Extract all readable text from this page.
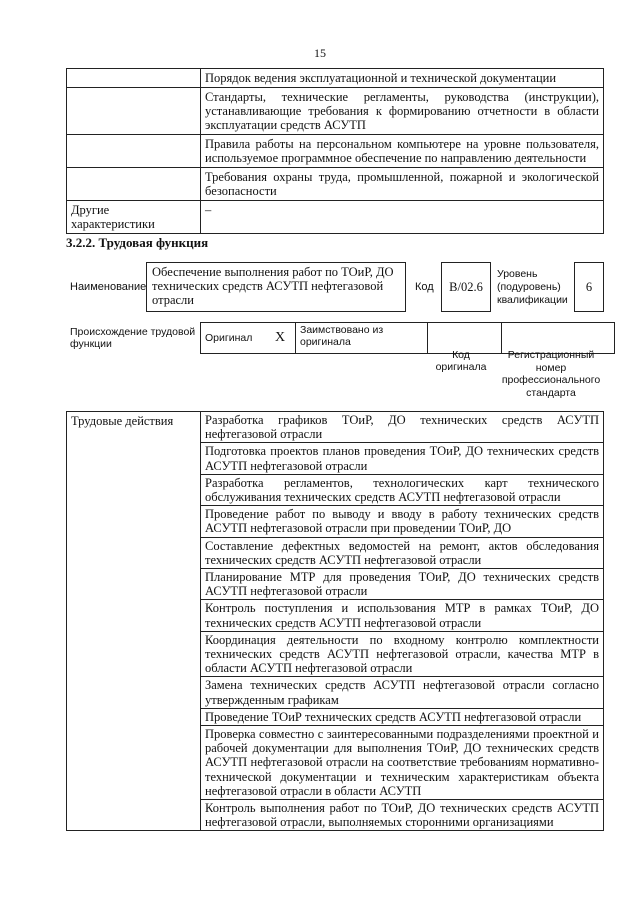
15
	Порядок ведения эксплуатационной и технической документации
	Стандарты, технические регламенты, руководства (инструкции), устанавливающие требования к формированию отчетности в области эксплуатации средств АСУТП
	Правила работы на персональном компьютере на уровне пользователя, используемое программное обеспечение по направлению деятельности
	Требования охраны труда, промышленной, пожарной и экологической безопасности
Другие характеристики	–
3.2.2. Трудовая функция
Наименование
Обеспечение выполнения работ по ТОиР, ДО технических средств АСУТП нефтегазовой отрасли
Код	B/02.6
Уровень (подуровень) квалификации
6
Происхождение трудовой функции	Оригинал	X	Заимствовано из оригинала		
Код оригинала
Регистрационный номер профессионального стандарта
Трудовые действия	Разработка графиков ТОиР, ДО технических средств АСУТП нефтегазовой отрасли
Подготовка проектов планов проведения ТОиР, ДО технических средств АСУТП нефтегазовой отрасли
Разработка регламентов, технологических карт технического обслуживания технических средств АСУТП нефтегазовой отрасли
Проведение работ по выводу и вводу в работу технических средств АСУТП нефтегазовой отрасли при проведении ТОиР, ДО
Составление дефектных ведомостей на ремонт, актов обследования технических средств АСУТП нефтегазовой отрасли
Планирование МТР для проведения ТОиР, ДО технических средств АСУТП нефтегазовой отрасли
Контроль поступления и использования МТР в рамках ТОиР, ДО технических средств АСУТП нефтегазовой отрасли
Координация деятельности по входному контролю комплектности технических средств АСУТП нефтегазовой отрасли, качества МТР в области АСУТП нефтегазовой отрасли
Замена технических средств АСУТП нефтегазовой отрасли согласно утвержденным графикам
Проведение ТОиР технических средств АСУТП нефтегазовой отрасли
Проверка совместно с заинтересованными подразделениями проектной и рабочей документации для выполнения ТОиР, ДО технических средств АСУТП нефтегазовой отрасли на соответствие требованиям нормативно-технической документации и техническим характеристикам объекта нефтегазовой отрасли в области АСУТП
Контроль выполнения работ по ТОиР, ДО технических средств АСУТП нефтегазовой отрасли, выполняемых сторонними организациями
